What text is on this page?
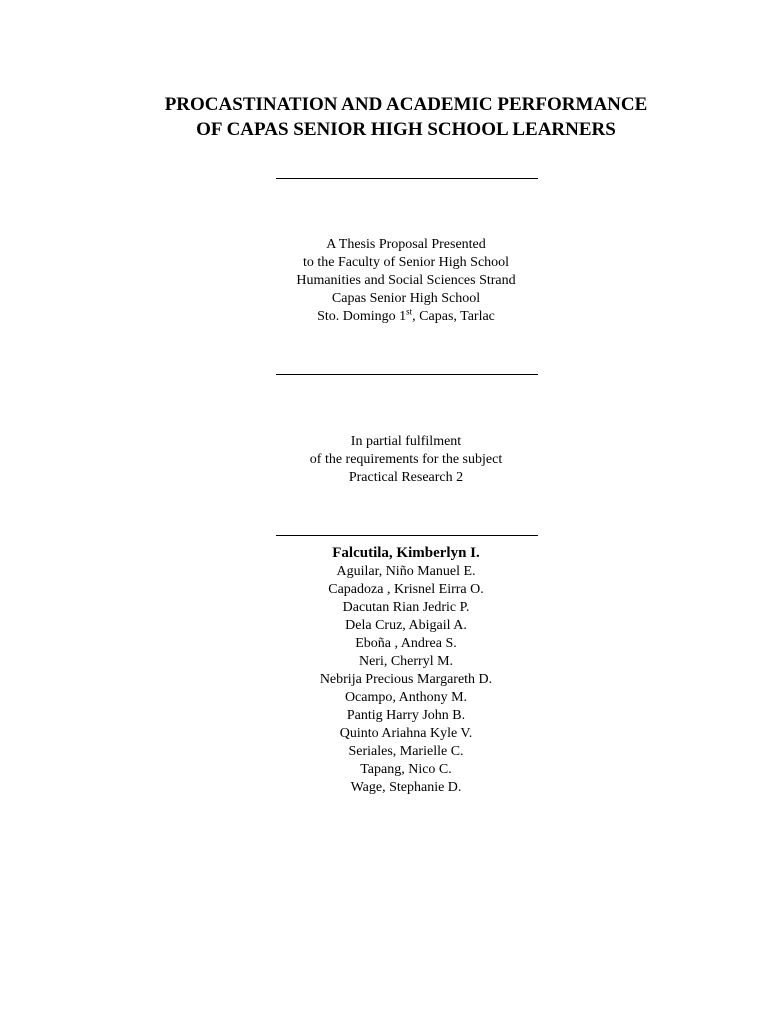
PROCASTINATION AND ACADEMIC PERFORMANCE
OF CAPAS SENIOR HIGH SCHOOL LEARNERS
A Thesis Proposal Presented
to the Faculty of Senior High School
Humanities and Social Sciences Strand
Capas Senior High School
Sto. Domingo 1st, Capas, Tarlac
In partial fulfilment
of the requirements for the subject
Practical Research 2
Falcutila, Kimberlyn I.
Aguilar, Niño Manuel E.
Capadoza , Krisnel Eirra O.
Dacutan Rian Jedric P.
Dela Cruz, Abigail A.
Eboña , Andrea S.
Neri, Cherryl M.
Nebrija Precious Margareth D.
Ocampo, Anthony M.
Pantig Harry John B.
Quinto Ariahna Kyle V.
Seriales, Marielle C.
Tapang, Nico C.
Wage, Stephanie D.
